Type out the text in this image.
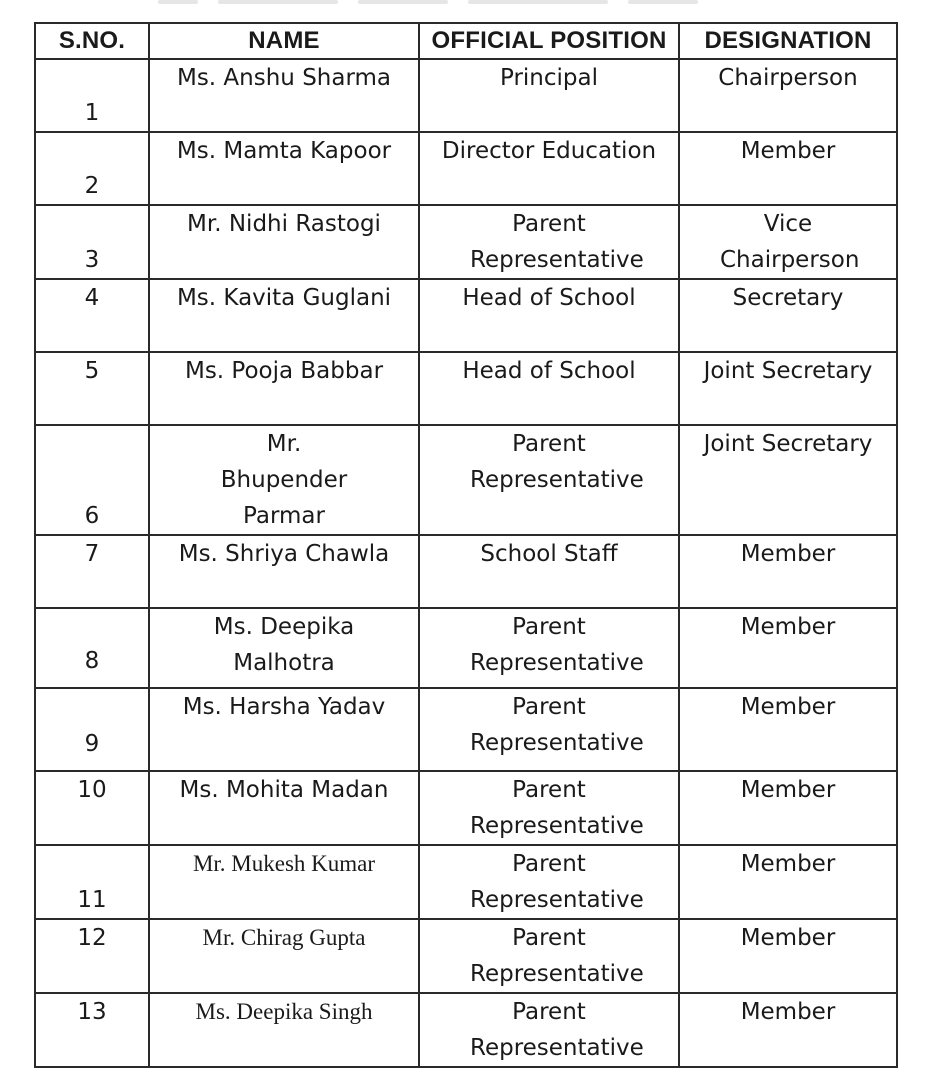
S.NO.	NAME	OFFICIAL POSITION	DESIGNATION
1	Ms. Anshu Sharma	Principal	Chairperson
2	Ms. Mamta Kapoor	Director Education	Member
3	Mr. Nidhi Rastogi	Parent Representative	Vice Chairperson
4	Ms. Kavita Guglani	Head of School	Secretary
5	Ms. Pooja Babbar	Head of School	Joint Secretary
6	Mr. Bhupender Parmar	Parent Representative	Joint Secretary
7	Ms. Shriya Chawla	School Staff	Member
8	Ms. Deepika Malhotra	Parent Representative	Member
9	Ms. Harsha Yadav	Parent Representative	Member
10	Ms. Mohita Madan	Parent Representative	Member
11	Mr. Mukesh Kumar	Parent Representative	Member
12	Mr. Chirag Gupta	Parent Representative	Member
13	Ms. Deepika Singh	Parent Representative	Member
